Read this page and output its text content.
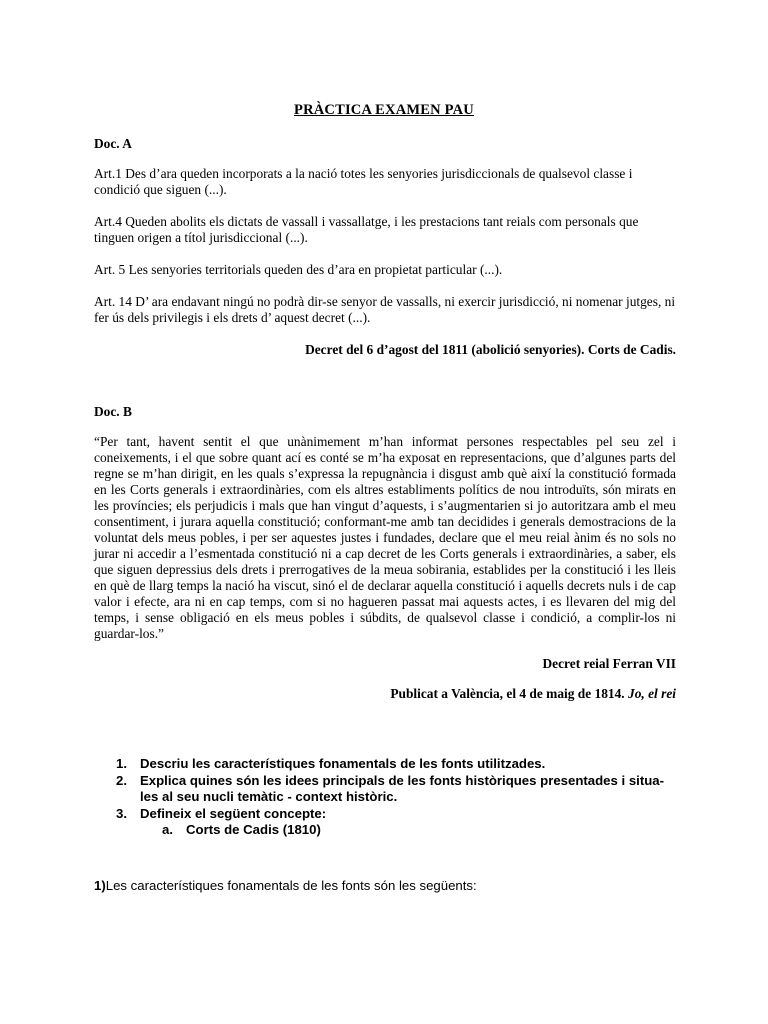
PRÀCTICA EXAMEN PAU
Doc. A
Art.1 Des d’ara queden incorporats a la nació totes les senyories jurisdiccionals de qualsevol classe i condició que siguen (...).
Art.4 Queden abolits els dictats de vassall i vassallatge, i les prestacions tant reials com personals que tinguen origen a títol jurisdiccional (...).
Art. 5 Les senyories territorials queden des d’ara en propietat particular (...).
Art. 14 D’ ara endavant ningú no podrà dir-se senyor de vassalls, ni exercir jurisdicció, ni nomenar jutges, ni fer ús dels privilegis i els drets d’ aquest decret (...).
Decret del 6 d’agost del 1811 (abolició senyories). Corts de Cadis.
Doc. B
“Per tant, havent sentit el que unànimement m’han informat persones respectables pel seu zel i coneixements, i el que sobre quant ací es conté se m’ha exposat en representacions, que d’algunes parts del regne se m’han dirigit, en les quals s’expressa la repugnància i disgust amb què així la constitució formada en les Corts generals i extraordinàries, com els altres establiments polítics de nou introduïts, són mirats en les províncies; els perjudicis i mals que han vingut d’aquests, i s’augmentarien si jo autoritzara amb el meu consentiment, i jurara aquella constitució; conformant-me amb tan decidides i generals demostracions de la voluntat dels meus pobles, i per ser aquestes justes i fundades, declare que el meu reial ànim és no sols no jurar ni accedir a l’esmentada constitució ni a cap decret de les Corts generals i extraordinàries, a saber, els que siguen depressius dels drets i prerrogatives de la meua sobirania, establides per la constitució i les lleis en què de llarg temps la nació ha viscut, sinó el de declarar aquella constitució i aquells decrets nuls i de cap valor i efecte, ara ni en cap temps, com si no hagueren passat mai aquests actes, i es llevaren del mig del temps, i sense obligació en els meus pobles i súbdits, de qualsevol classe i condició, a complir-los ni guardar-los.”
Decret reial Ferran VII
Publicat a València, el 4 de maig de 1814. Jo, el rei
1. Descriu les característiques fonamentals de les fonts utilitzades.
2. Explica quines són les idees principals de les fonts històriques presentades i situa-les al seu nucli temàtic - context històric.
3. Defineix el següent concepte:
a. Corts de Cadis (1810)
1)Les característiques fonamentals de les fonts són les següents:
